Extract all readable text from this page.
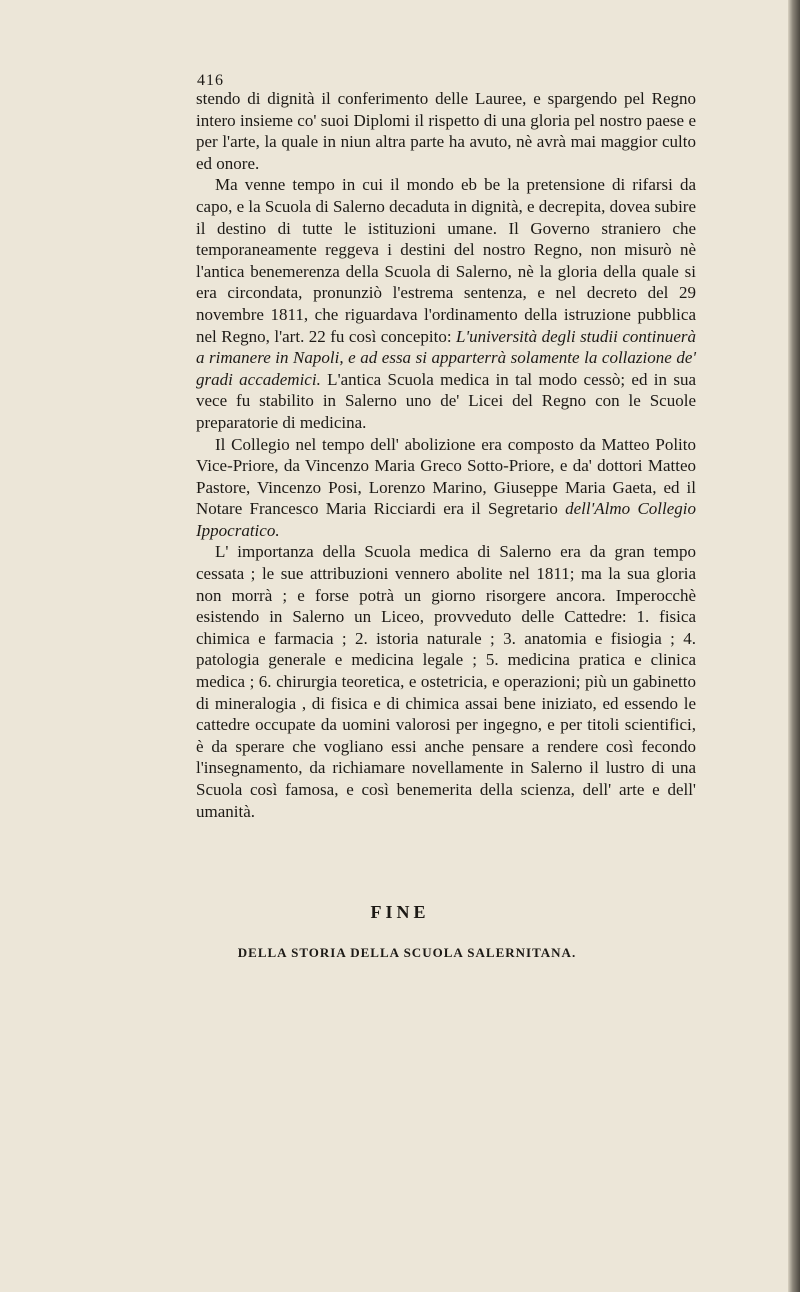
416

stendo di dignità il conferimento delle Lauree, e spargendo pel Regno intero insieme co' suoi Diplomi il rispetto di una gloria pel nostro paese e per l'arte, la quale in niun altra parte ha avuto, nè avrà mai maggior culto ed onore.

Ma venne tempo in cui il mondo eb be la pretensione di rifarsi da capo, e la Scuola di Salerno decaduta in dignità, e decrepita, dovea subire il destino di tutte le istituzioni umane. Il Governo straniero che temporaneamente reggeva i destini del nostro Regno, non misurò nè l'antica benemerenza della Scuola di Salerno, nè la gloria della quale si era circondata, pronunziò l'estrema sentenza, e nel decreto del 29 novembre 1811, che riguardava l'ordinamento della istruzione pubblica nel Regno, l'art. 22 fu così concepito: L'università degli studii continuerà a rimanere in Napoli, e ad essa si apparterrà solamente la collazione de' gradi accademici. L'antica Scuola medica in tal modo cessò; ed in sua vece fu stabilito in Salerno uno de' Licei del Regno con le Scuole preparatorie di medicina.

Il Collegio nel tempo dell' abolizione era composto da Matteo Polito Vice-Priore, da Vincenzo Maria Greco Sotto-Priore, e da' dottori Matteo Pastore, Vincenzo Posi, Lorenzo Marino, Giuseppe Maria Gaeta, ed il Notare Francesco Maria Ricciardi era il Segretario dell'Almo Collegio Ippocratico.

L' importanza della Scuola medica di Salerno era da gran tempo cessata ; le sue attribuzioni vennero abolite nel 1811; ma la sua gloria non morrà ; e forse potrà un giorno risorgere ancora. Imperocchè esistendo in Salerno un Liceo, provveduto delle Cattedre: 1. fisica chimica e farmacia ; 2. istoria naturale ; 3. anatomia e fisiogia ; 4. patologia generale e medicina legale ; 5. medicina pratica e clinica medica ; 6. chirurgia teoretica, e ostetricia, e operazioni; più un gabinetto di mineralogia , di fisica e di chimica assai bene iniziato, ed essendo le cattedre occupate da uomini valorosi per ingegno, e per titoli scientifici, è da sperare che vogliano essi anche pensare a rendere così fecondo l'insegnamento, da richiamare novellamente in Salerno il lustro di una Scuola così famosa, e così benemerita della scienza, dell' arte e dell' umanità.

FINE
DELLA STORIA DELLA SCUOLA SALERNITANA.
